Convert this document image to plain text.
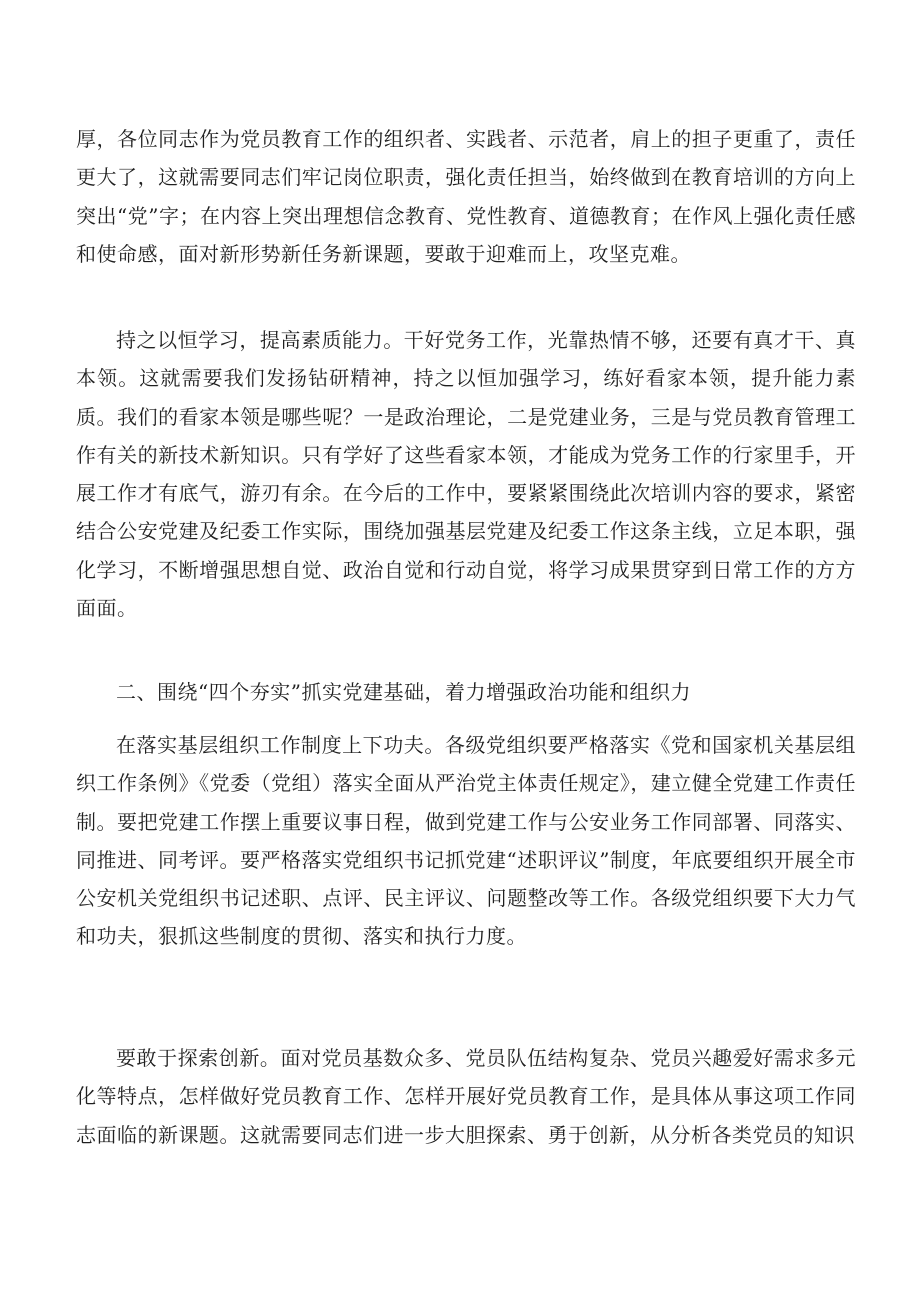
厚，各位同志作为党员教育工作的组织者、实践者、示范者，肩上的担子更重了，责任更大了，这就需要同志们牢记岗位职责，强化责任担当，始终做到在教育培训的方向上突出“党”字；在内容上突出理想信念教育、党性教育、道德教育；在作风上强化责任感和使命感，面对新形势新任务新课题，要敢于迎难而上，攻坚克难。

持之以恒学习，提高素质能力。干好党务工作，光靠热情不够，还要有真才干、真本领。这就需要我们发扬钻研精神，持之以恒加强学习，练好看家本领，提升能力素质。我们的看家本领是哪些呢？一是政治理论，二是党建业务，三是与党员教育管理工作有关的新技术新知识。只有学好了这些看家本领，才能成为党务工作的行家里手，开展工作才有底气，游刃有余。在今后的工作中，要紧紧围绕此次培训内容的要求，紧密结合公安党建及纪委工作实际，围绕加强基层党建及纪委工作这条主线，立足本职，强化学习，不断增强思想自觉、政治自觉和行动自觉，将学习成果贯穿到日常工作的方方面面。

二、围绕“四个夯实”抓实党建基础，着力增强政治功能和组织力

在落实基层组织工作制度上下功夫。各级党组织要严格落实《党和国家机关基层组织工作条例》《党委（党组）落实全面从严治党主体责任规定》，建立健全党建工作责任制。要把党建工作摆上重要议事日程，做到党建工作与公安业务工作同部署、同落实、同推进、同考评。要严格落实党组织书记抓党建“述职评议”制度，年底要组织开展全市公安机关党组织书记述职、点评、民主评议、问题整改等工作。各级党组织要下大力气和功夫，狠抓这些制度的贯彻、落实和执行力度。

要敢于探索创新。面对党员基数众多、党员队伍结构复杂、党员兴趣爱好需求多元化等特点，怎样做好党员教育工作、怎样开展好党员教育工作，是具体从事这项工作同志面临的新课题。这就需要同志们进一步大胆探索、勇于创新，从分析各类党员的知识
